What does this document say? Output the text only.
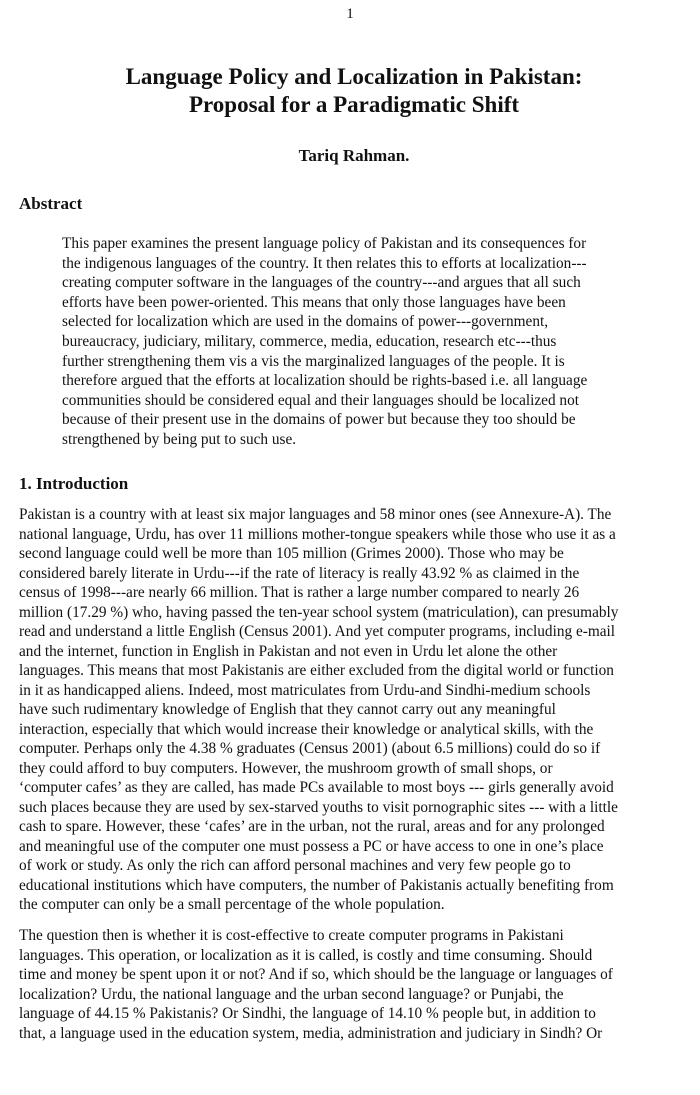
1
Language Policy and Localization in Pakistan:
Proposal for a Paradigmatic Shift

Tariq Rahman.

Abstract
This paper examines the present language policy of Pakistan and its consequences for
the indigenous languages of the country. It then relates this to efforts at localization---
creating computer software in the languages of the country---and argues that all such
efforts have been power-oriented. This means that only those languages have been
selected for localization which are used in the domains of power---government,
bureaucracy, judiciary, military, commerce, media, education, research etc---thus
further strengthening them vis a vis the marginalized languages of the people. It is
therefore argued that the efforts at localization should be rights-based i.e. all language
communities should be considered equal and their languages should be localized not
because of their present use in the domains of power but because they too should be
strengthened by being put to such use.
1. Introduction
Pakistan is a country with at least six major languages and 58 minor ones (see Annexure-A). The
national language, Urdu, has over 11 millions mother-tongue speakers while those who use it as a
second language could well be more than 105 million (Grimes 2000). Those who may be
considered barely literate in Urdu---if the rate of literacy is really 43.92 % as claimed in the
census of 1998---are nearly 66 million. That is rather a large number compared to nearly 26
million (17.29 %) who, having passed the ten-year school system (matriculation), can presumably
read and understand a little English (Census 2001). And yet computer programs, including e-mail
and the internet, function in English in Pakistan and not even in Urdu let alone the other
languages. This means that most Pakistanis are either excluded from the digital world or function
in it as handicapped aliens. Indeed, most matriculates from Urdu-and Sindhi-medium schools
have such rudimentary knowledge of English that they cannot carry out any meaningful
interaction, especially that which would increase their knowledge or analytical skills, with the
computer. Perhaps only the 4.38 % graduates (Census 2001) (about 6.5 millions) could do so if
they could afford to buy computers. However, the mushroom growth of small shops, or
‘computer cafes’ as they are called, has made PCs available to most boys --- girls generally avoid
such places because they are used by sex-starved youths to visit pornographic sites --- with a little
cash to spare. However, these ‘cafes’ are in the urban, not the rural, areas and for any prolonged
and meaningful use of the computer one must possess a PC or have access to one in one’s place
of work or study. As only the rich can afford personal machines and very few people go to
educational institutions which have computers, the number of Pakistanis actually benefiting from
the computer can only be a small percentage of the whole population.
The question then is whether it is cost-effective to create computer programs in Pakistani
languages. This operation, or localization as it is called, is costly and time consuming. Should
time and money be spent upon it or not? And if so, which should be the language or languages of
localization? Urdu, the national language and the urban second language? or Punjabi, the
language of 44.15 % Pakistanis? Or Sindhi, the language of 14.10 % people but, in addition to
that, a language used in the education system, media, administration and judiciary in Sindh? Or
